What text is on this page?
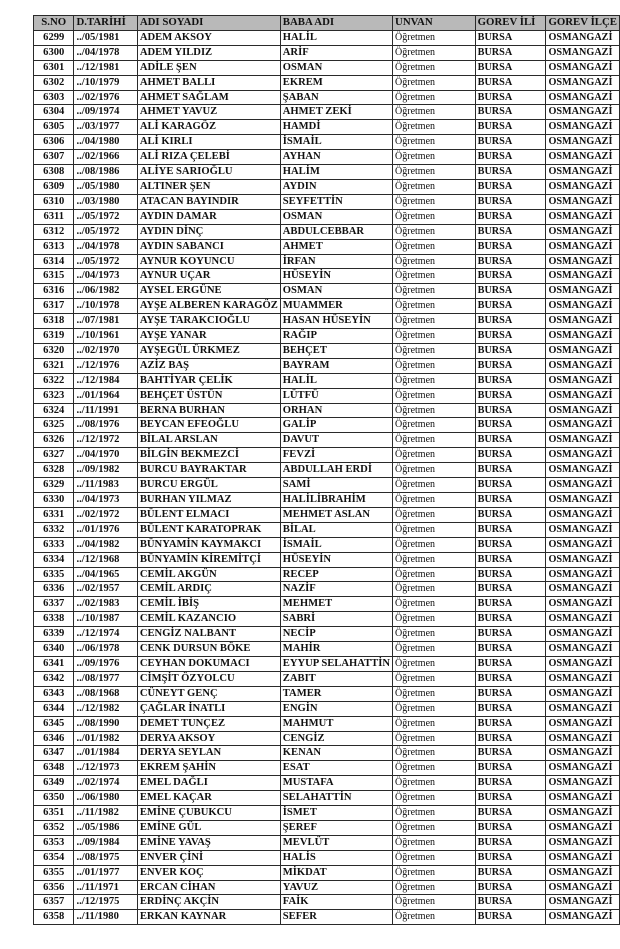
S.NO	D.TARİHİ	ADI SOYADI	BABA ADI	UNVAN	GOREV İLİ	GOREV İLÇE
6299	../05/1981	ADEM AKSOY	HALİL	Öğretmen	BURSA	OSMANGAZİ
6300	../04/1978	ADEM YILDIZ	ARİF	Öğretmen	BURSA	OSMANGAZİ
6301	../12/1981	ADİLE ŞEN	OSMAN	Öğretmen	BURSA	OSMANGAZİ
6302	../10/1979	AHMET BALLI	EKREM	Öğretmen	BURSA	OSMANGAZİ
6303	../02/1976	AHMET SAĞLAM	ŞABAN	Öğretmen	BURSA	OSMANGAZİ
6304	../09/1974	AHMET YAVUZ	AHMET ZEKİ	Öğretmen	BURSA	OSMANGAZİ
6305	../03/1977	ALİ KARAGÖZ	HAMDİ	Öğretmen	BURSA	OSMANGAZİ
6306	../04/1980	ALİ KIRLI	İSMAİL	Öğretmen	BURSA	OSMANGAZİ
6307	../02/1966	ALİ RIZA ÇELEBİ	AYHAN	Öğretmen	BURSA	OSMANGAZİ
6308	../08/1986	ALİYE SARIOĞLU	HALİM	Öğretmen	BURSA	OSMANGAZİ
6309	../05/1980	ALTINER ŞEN	AYDIN	Öğretmen	BURSA	OSMANGAZİ
6310	../03/1980	ATACAN BAYINDIR	SEYFETTİN	Öğretmen	BURSA	OSMANGAZİ
6311	../05/1972	AYDIN DAMAR	OSMAN	Öğretmen	BURSA	OSMANGAZİ
6312	../05/1972	AYDIN DİNÇ	ABDULCEBBAR	Öğretmen	BURSA	OSMANGAZİ
6313	../04/1978	AYDIN SABANCI	AHMET	Öğretmen	BURSA	OSMANGAZİ
6314	../05/1972	AYNUR KOYUNCU	İRFAN	Öğretmen	BURSA	OSMANGAZİ
6315	../04/1973	AYNUR UÇAR	HÜSEYİN	Öğretmen	BURSA	OSMANGAZİ
6316	../06/1982	AYSEL ERGÜNE	OSMAN	Öğretmen	BURSA	OSMANGAZİ
6317	../10/1978	AYŞE ALBEREN KARAGÖZ	MUAMMER	Öğretmen	BURSA	OSMANGAZİ
6318	../07/1981	AYŞE TARAKCIOĞLU	HASAN HÜSEYİN	Öğretmen	BURSA	OSMANGAZİ
6319	../10/1961	AYŞE YANAR	RAĞIP	Öğretmen	BURSA	OSMANGAZİ
6320	../02/1970	AYŞEGÜL ÜRKMEZ	BEHÇET	Öğretmen	BURSA	OSMANGAZİ
6321	../12/1976	AZİZ BAŞ	BAYRAM	Öğretmen	BURSA	OSMANGAZİ
6322	../12/1984	BAHTİYAR ÇELİK	HALİL	Öğretmen	BURSA	OSMANGAZİ
6323	../01/1964	BEHÇET ÜSTÜN	LÜTFÜ	Öğretmen	BURSA	OSMANGAZİ
6324	../11/1991	BERNA BURHAN	ORHAN	Öğretmen	BURSA	OSMANGAZİ
6325	../08/1976	BEYCAN EFEOĞLU	GALİP	Öğretmen	BURSA	OSMANGAZİ
6326	../12/1972	BİLAL ARSLAN	DAVUT	Öğretmen	BURSA	OSMANGAZİ
6327	../04/1970	BİLGİN BEKMEZCİ	FEVZİ	Öğretmen	BURSA	OSMANGAZİ
6328	../09/1982	BURCU BAYRAKTAR	ABDULLAH ERDİ	Öğretmen	BURSA	OSMANGAZİ
6329	../11/1983	BURCU ERGÜL	SAMİ	Öğretmen	BURSA	OSMANGAZİ
6330	../04/1973	BURHAN YILMAZ	HALİLİBRAHİM	Öğretmen	BURSA	OSMANGAZİ
6331	../02/1972	BÜLENT ELMACI	MEHMET ASLAN	Öğretmen	BURSA	OSMANGAZİ
6332	../01/1976	BÜLENT KARATOPRAK	BİLAL	Öğretmen	BURSA	OSMANGAZİ
6333	../04/1982	BÜNYAMİN KAYMAKCI	İSMAİL	Öğretmen	BURSA	OSMANGAZİ
6334	../12/1968	BÜNYAMİN KİREMİTÇİ	HÜSEYİN	Öğretmen	BURSA	OSMANGAZİ
6335	../04/1965	CEMİL AKGÜN	RECEP	Öğretmen	BURSA	OSMANGAZİ
6336	../02/1957	CEMİL ARDIÇ	NAZİF	Öğretmen	BURSA	OSMANGAZİ
6337	../02/1983	CEMİL İBİŞ	MEHMET	Öğretmen	BURSA	OSMANGAZİ
6338	../10/1987	CEMİL KAZANCIO	SABRİ	Öğretmen	BURSA	OSMANGAZİ
6339	../12/1974	CENGİZ NALBANT	NECİP	Öğretmen	BURSA	OSMANGAZİ
6340	../06/1978	CENK DURSUN BÖKE	MAHİR	Öğretmen	BURSA	OSMANGAZİ
6341	../09/1976	CEYHAN DOKUMACI	EYYUP SELAHATTİN	Öğretmen	BURSA	OSMANGAZİ
6342	../08/1977	CİMŞİT ÖZYOLCU	ZABIT	Öğretmen	BURSA	OSMANGAZİ
6343	../08/1968	CÜNEYT GENÇ	TAMER	Öğretmen	BURSA	OSMANGAZİ
6344	../12/1982	ÇAĞLAR İNATLI	ENGİN	Öğretmen	BURSA	OSMANGAZİ
6345	../08/1990	DEMET TUNÇEZ	MAHMUT	Öğretmen	BURSA	OSMANGAZİ
6346	../01/1982	DERYA AKSOY	CENGİZ	Öğretmen	BURSA	OSMANGAZİ
6347	../01/1984	DERYA SEYLAN	KENAN	Öğretmen	BURSA	OSMANGAZİ
6348	../12/1973	EKREM ŞAHİN	ESAT	Öğretmen	BURSA	OSMANGAZİ
6349	../02/1974	EMEL DAĞLI	MUSTAFA	Öğretmen	BURSA	OSMANGAZİ
6350	../06/1980	EMEL KAÇAR	SELAHATTİN	Öğretmen	BURSA	OSMANGAZİ
6351	../11/1982	EMİNE ÇUBUKCU	İSMET	Öğretmen	BURSA	OSMANGAZİ
6352	../05/1986	EMİNE GÜL	ŞEREF	Öğretmen	BURSA	OSMANGAZİ
6353	../09/1984	EMİNE YAVAŞ	MEVLÜT	Öğretmen	BURSA	OSMANGAZİ
6354	../08/1975	ENVER ÇİNİ	HALİS	Öğretmen	BURSA	OSMANGAZİ
6355	../01/1977	ENVER KOÇ	MİKDAT	Öğretmen	BURSA	OSMANGAZİ
6356	../11/1971	ERCAN CİHAN	YAVUZ	Öğretmen	BURSA	OSMANGAZİ
6357	../12/1975	ERDİNÇ AKÇİN	FAİK	Öğretmen	BURSA	OSMANGAZİ
6358	../11/1980	ERKAN KAYNAR	SEFER	Öğretmen	BURSA	OSMANGAZİ
